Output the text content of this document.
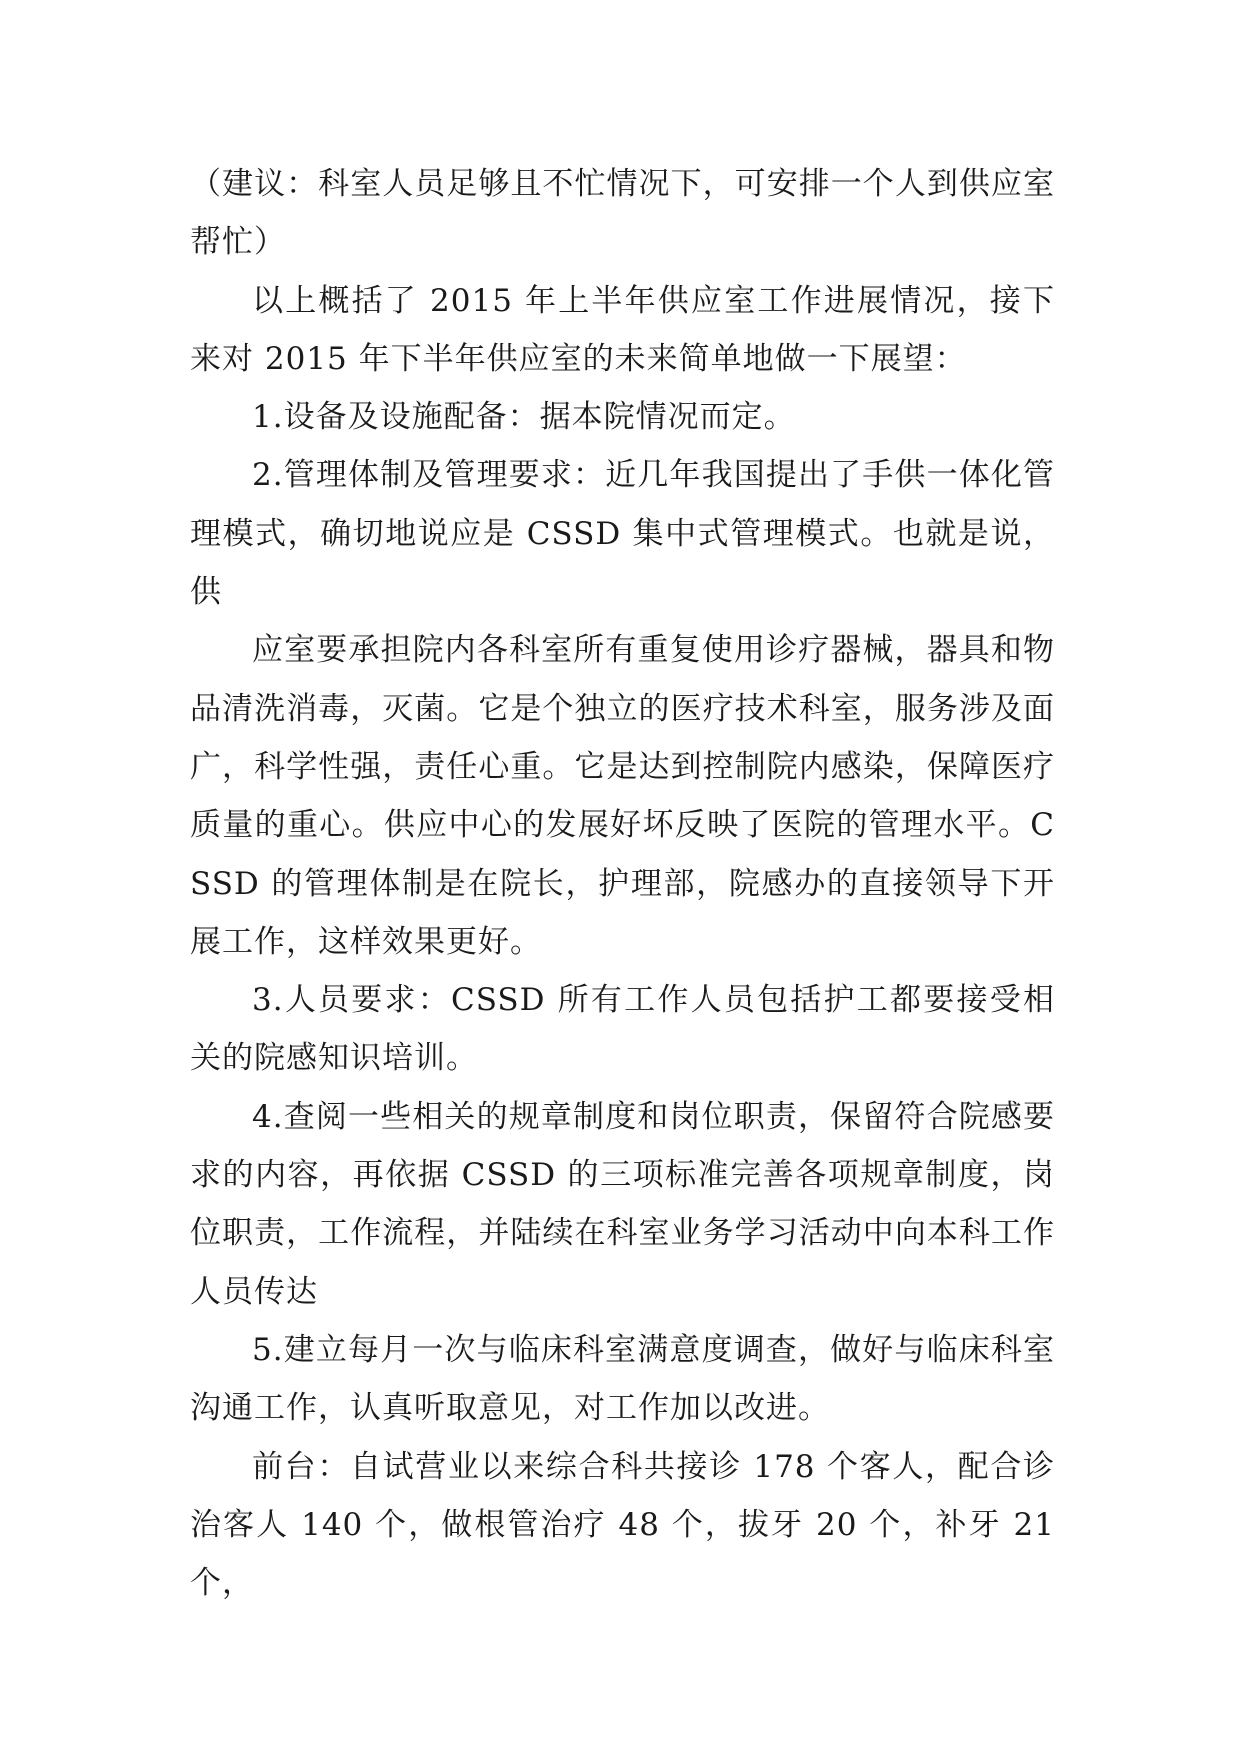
（建议：科室人员足够且不忙情况下，可安排一个人到供应室帮忙）

以上概括了 2015 年上半年供应室工作进展情况，接下来对 2015 年下半年供应室的未来简单地做一下展望：

1.设备及设施配备：据本院情况而定。

2.管理体制及管理要求：近几年我国提出了手供一体化管理模式，确切地说应是 CSSD 集中式管理模式。也就是说，供

应室要承担院内各科室所有重复使用诊疗器械，器具和物品清洗消毒，灭菌。它是个独立的医疗技术科室，服务涉及面广，科学性强，责任心重。它是达到控制院内感染，保障医疗质量的重心。供应中心的发展好坏反映了医院的管理水平。CSSD 的管理体制是在院长，护理部，院感办的直接领导下开展工作，这样效果更好。

3.人员要求：CSSD 所有工作人员包括护工都要接受相关的院感知识培训。

4.查阅一些相关的规章制度和岗位职责，保留符合院感要求的内容，再依据 CSSD 的三项标准完善各项规章制度，岗位职责，工作流程，并陆续在科室业务学习活动中向本科工作人员传达

5.建立每月一次与临床科室满意度调查，做好与临床科室沟通工作，认真听取意见，对工作加以改进。

前台：自试营业以来综合科共接诊 178 个客人，配合诊治客人 140 个，做根管治疗 48 个，拔牙 20 个，补牙 21 个，
